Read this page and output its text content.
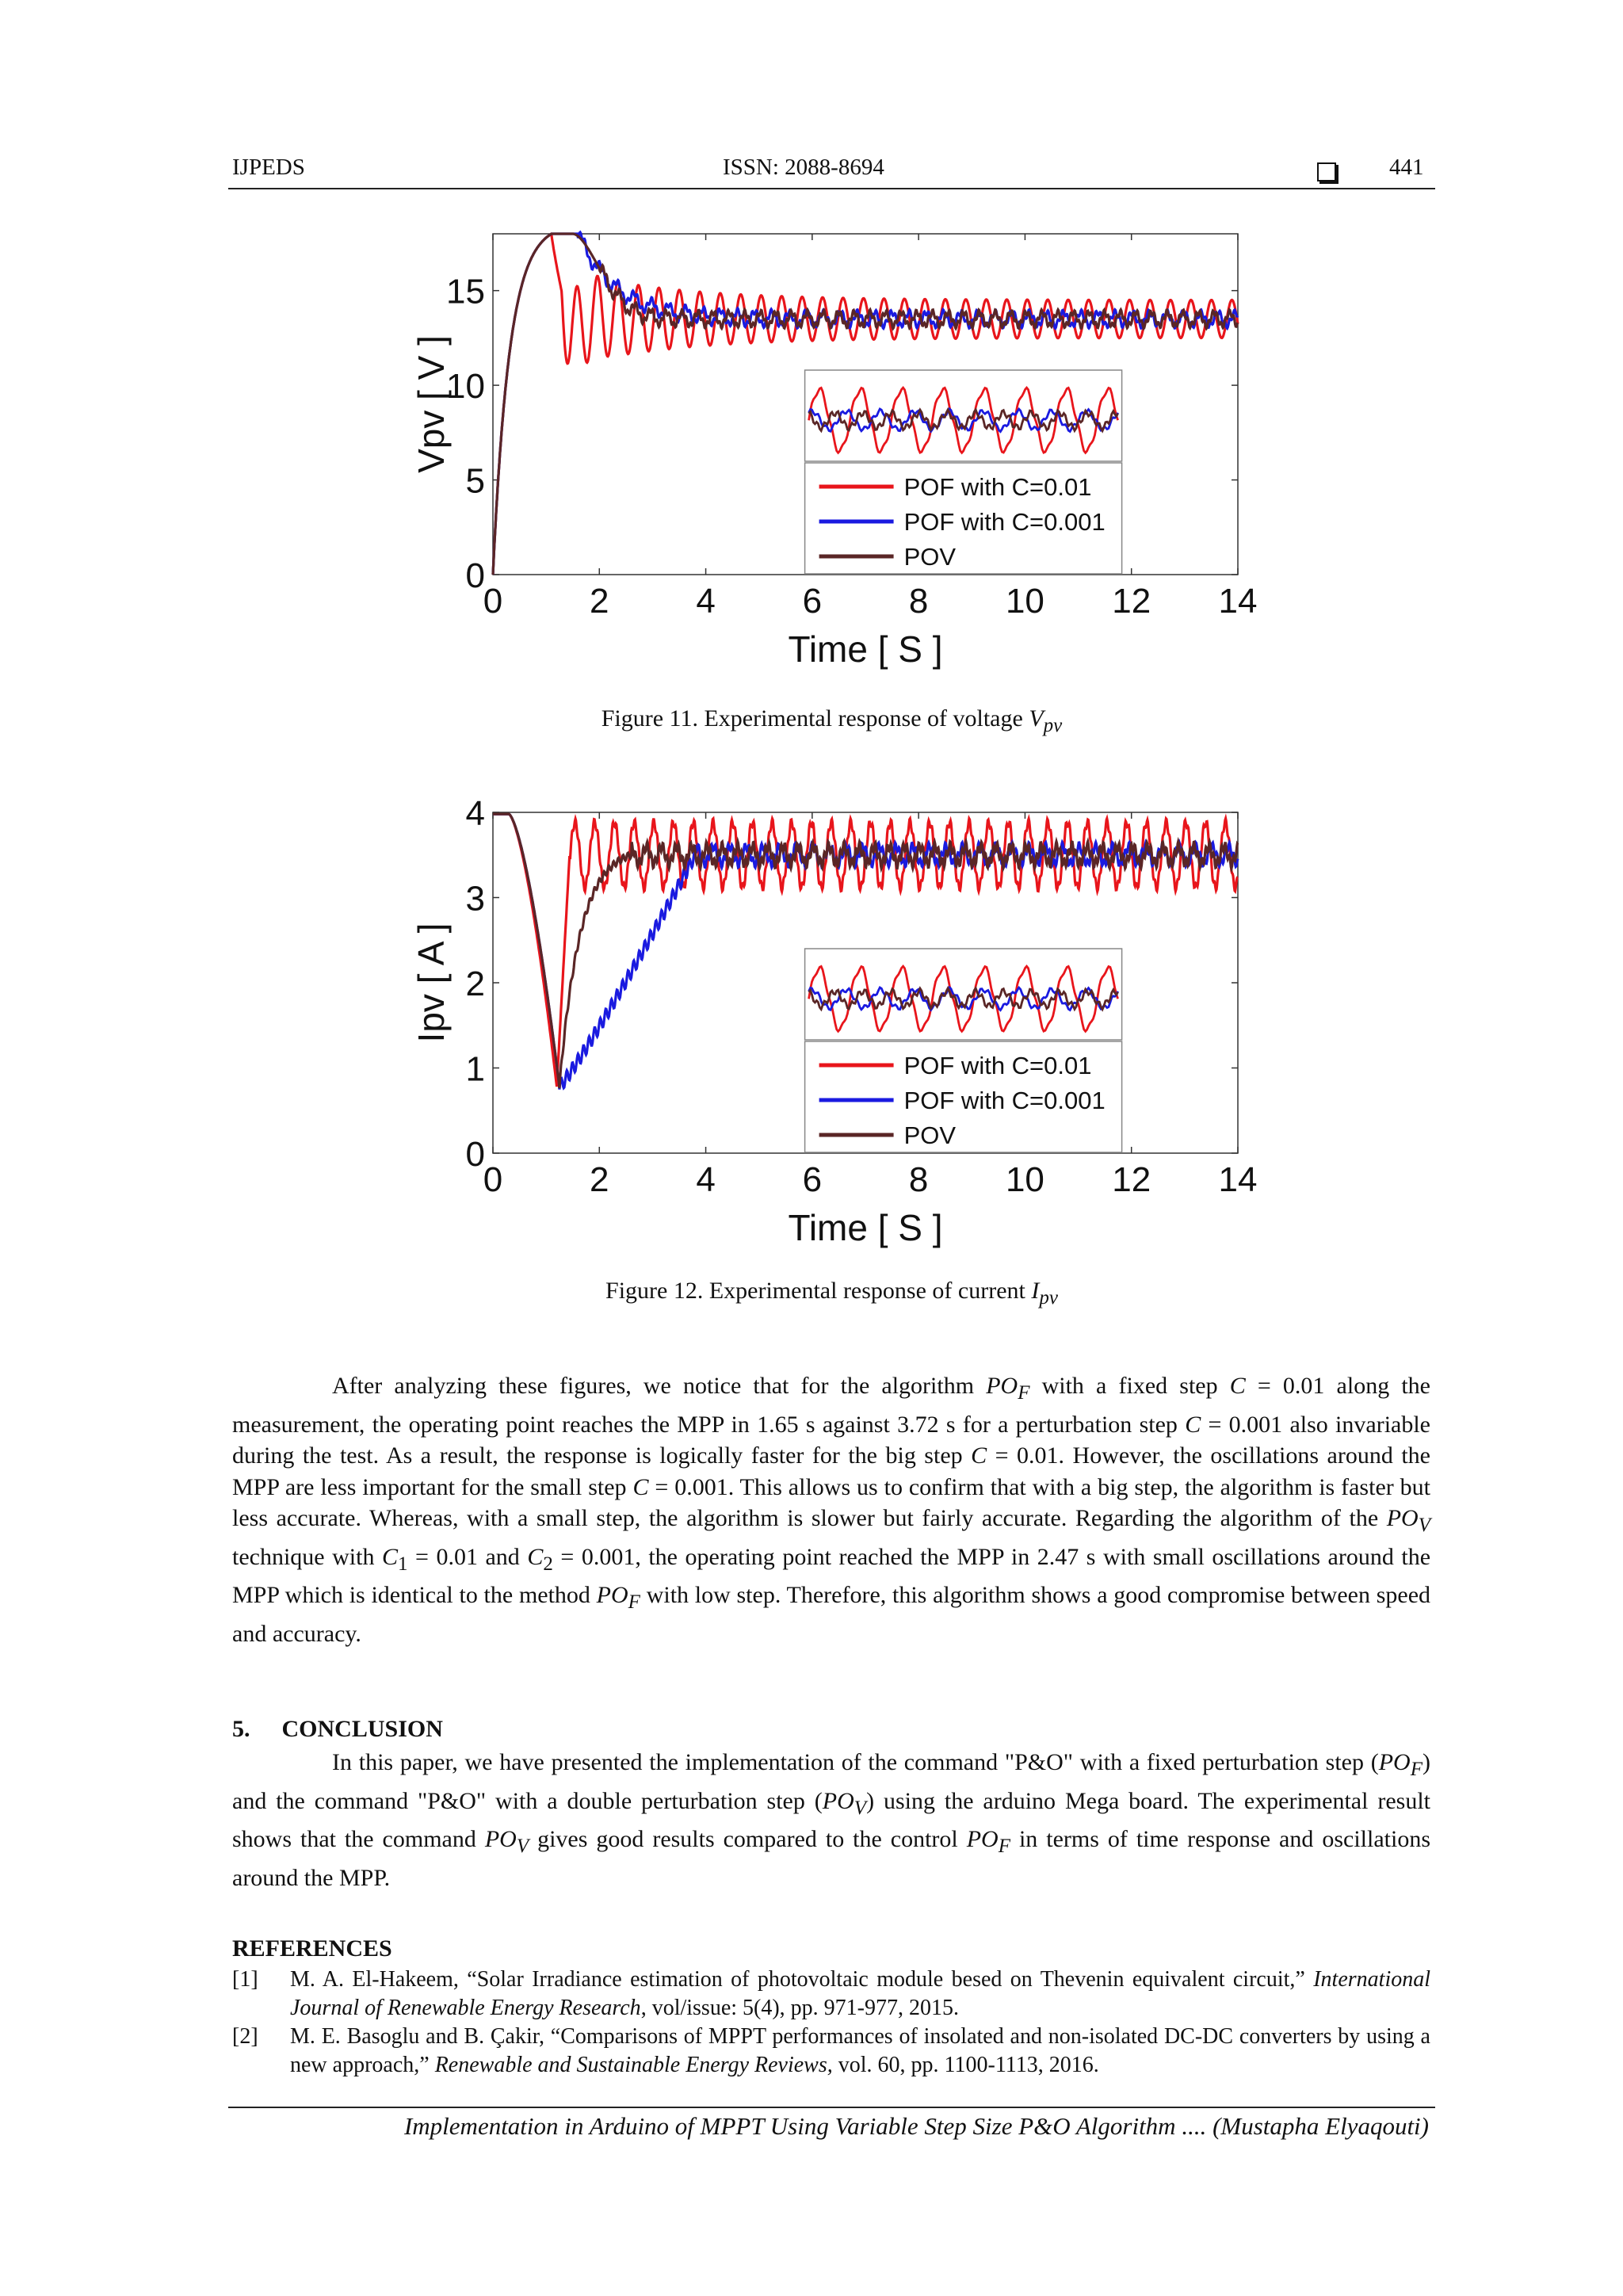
IJPEDS	ISSN: 2088-8694	441
0 2 4 6 8 10 12 14
0
5
10
15
Time [ S ]
Vpv [ V ]
POF with C=0.01
POF with C=0.001
POV
Figure 11. Experimental response of voltage $V_{pv}$
0 2 4 6 8 10 12 14
0
1
2
3
4
Time [ S ]
Ipv [ A ]
POF with C=0.01
POF with C=0.001
POV
Figure 12. Experimental response of current $I_{pv}$
After analyzing these figures, we notice that for the algorithm $PO_F$ with a fixed step C = 0.01 along the measurement, the operating point reaches the MPP in 1.65 s against 3.72 s for a perturbation step C = 0.001 also invariable during the test. As a result, the response is logically faster for the big step C = 0.01. However, the oscillations around the MPP are less important for the small step C = 0.001. This allows us to confirm that with a big step, the algorithm is faster but less accurate. Whereas, with a small step, the algorithm is slower but fairly accurate. Regarding the algorithm of the $PO_V$ technique with $C_1 = 0.01$ and $C_2 = 0.001$, the operating point reached the MPP in 2.47 s with small oscillations around the MPP which is identical to the method $PO_F$ with low step. Therefore, this algorithm shows a good compromise between speed and accuracy.
5. CONCLUSION
In this paper, we have presented the implementation of the command "P&O" with a fixed perturbation step $(PO_F)$ and the command "P&O" with a double perturbation step $(PO_V)$ using the arduino Mega board. The experimental result shows that the command $PO_V$ gives good results compared to the control $PO_F$ in terms of time response and oscillations around the MPP.
REFERENCES
[1] M. A. El-Hakeem, “Solar Irradiance estimation of photovoltaic module besed on Thevenin equivalent circuit,” International Journal of Renewable Energy Research, vol/issue: 5(4), pp. 971-977, 2015.
[2] M. E. Basoglu and B. Çakir, “Comparisons of MPPT performances of insolated and non-isolated DC-DC converters by using a new approach,” Renewable and Sustainable Energy Reviews, vol. 60, pp. 1100-1113, 2016.
Implementation in Arduino of MPPT Using Variable Step Size P&O Algorithm .... (Mustapha Elyaqouti)
